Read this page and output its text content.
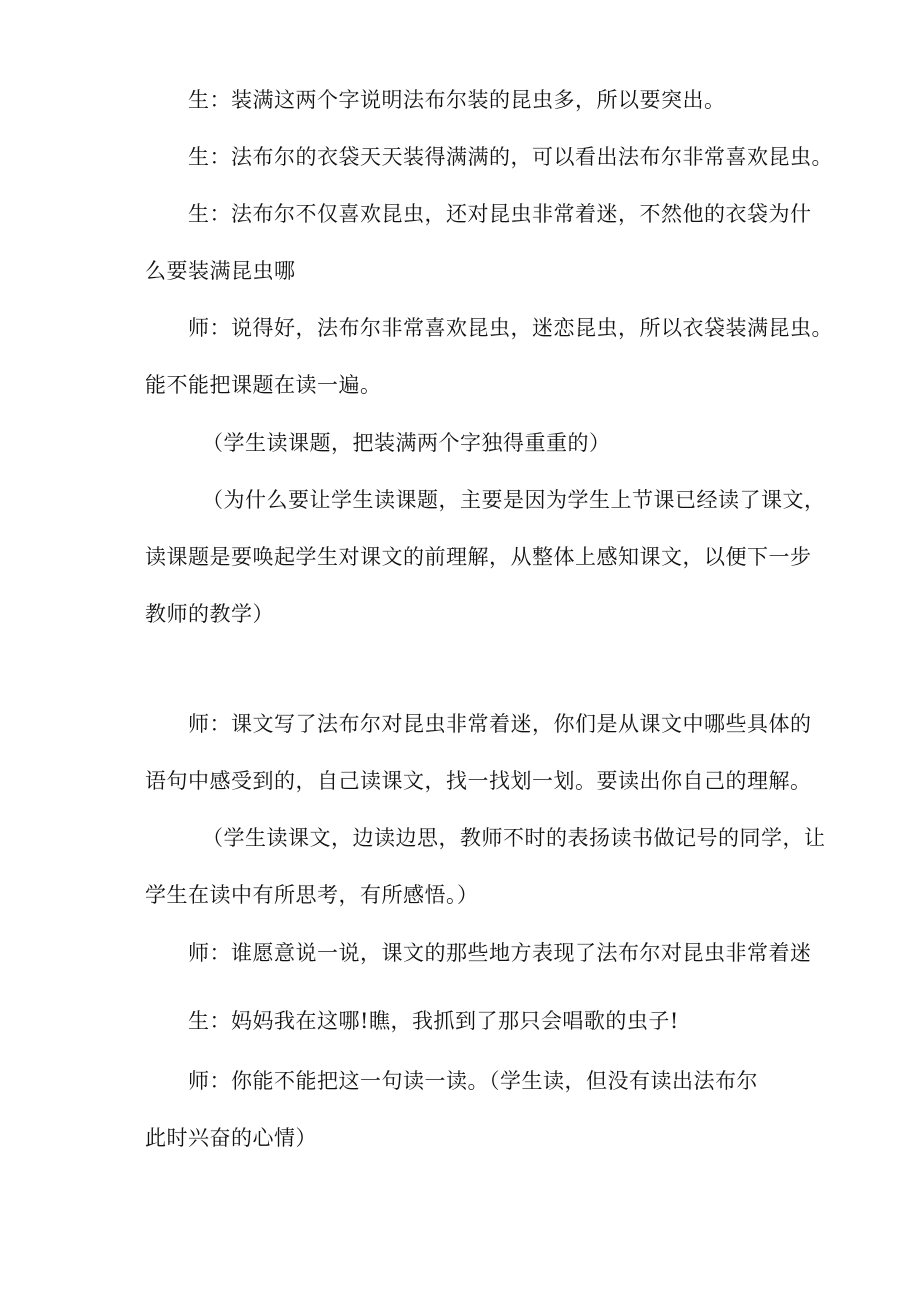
生：装满这两个字说明法布尔装的昆虫多，所以要突出。
生：法布尔的衣袋天天装得满满的，可以看出法布尔非常喜欢昆虫。
生：法布尔不仅喜欢昆虫，还对昆虫非常着迷，不然他的衣袋为什
么要装满昆虫哪
师：说得好，法布尔非常喜欢昆虫，迷恋昆虫，所以衣袋装满昆虫。
能不能把课题在读一遍。
（学生读课题，把装满两个字独得重重的）
（为什么要让学生读课题，主要是因为学生上节课已经读了课文，
读课题是要唤起学生对课文的前理解，从整体上感知课文，以便下一步
教师的教学）
师：课文写了法布尔对昆虫非常着迷，你们是从课文中哪些具体的
语句中感受到的，自己读课文，找一找划一划。要读出你自己的理解。
（学生读课文，边读边思，教师不时的表扬读书做记号的同学，让
学生在读中有所思考，有所感悟。）
师：谁愿意说一说，课文的那些地方表现了法布尔对昆虫非常着迷
生：妈妈我在这哪!瞧，我抓到了那只会唱歌的虫子!
师：你能不能把这一句读一读。（学生读，但没有读出法布尔
此时兴奋的心情）
